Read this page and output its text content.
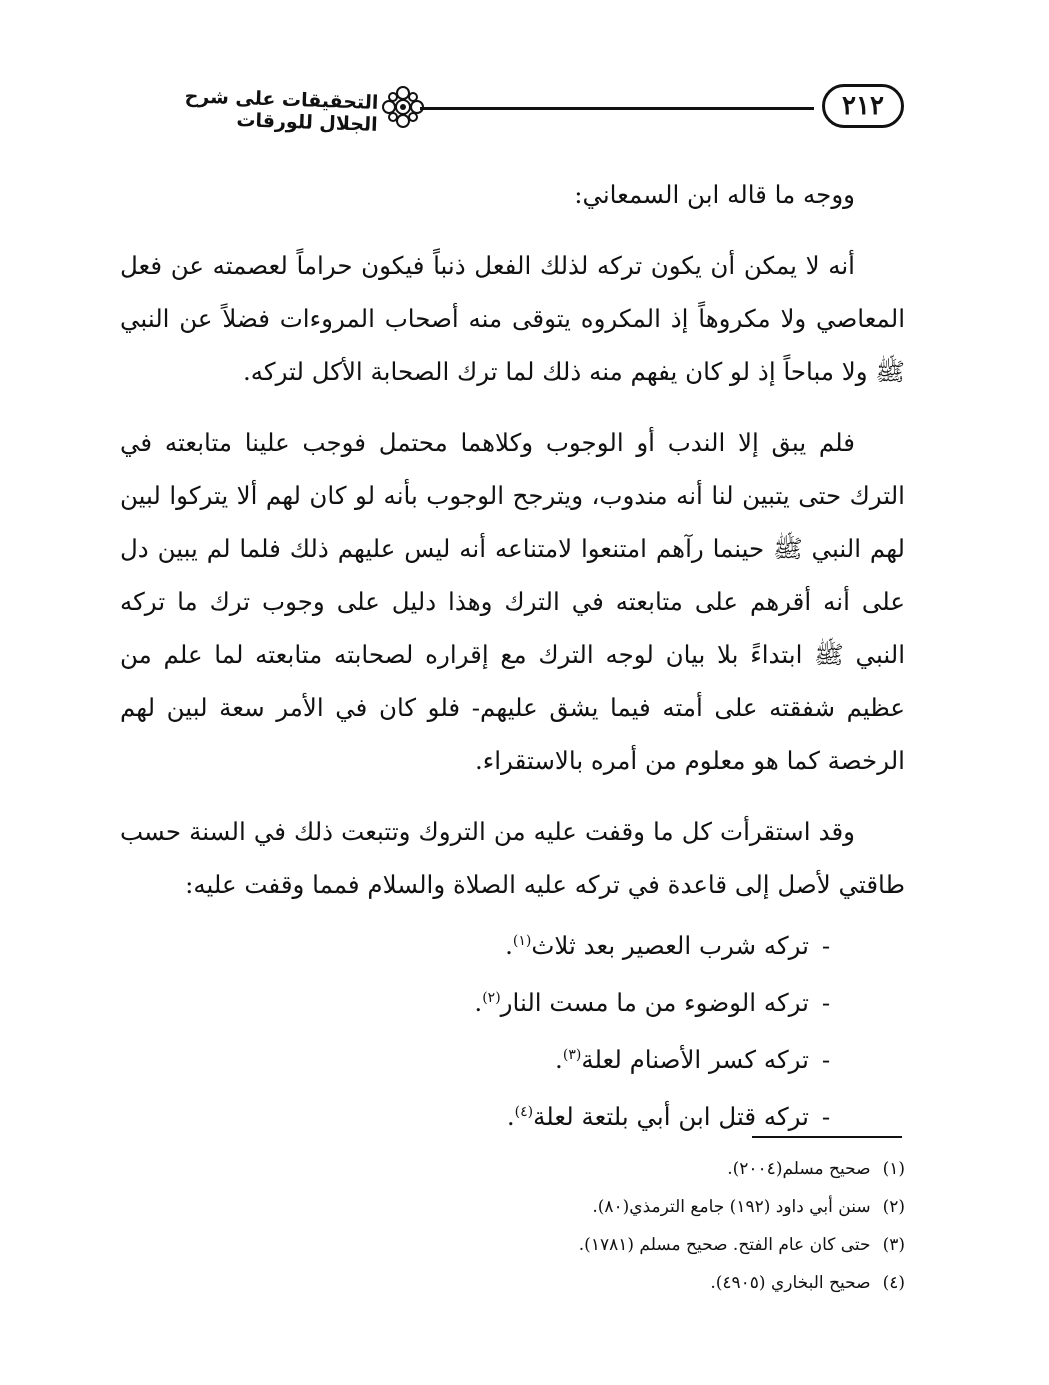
٢١٢
التحقيقات على شرح الجلال للورقات

ووجه ما قاله ابن السمعاني:

أنه لا يمكن أن يكون تركه لذلك الفعل ذنباً فيكون حراماً لعصمته عن فعل المعاصي ولا مكروهاً إذ المكروه يتوقى منه أصحاب المروءات فضلاً عن النبي ﷺ ولا مباحاً إذ لو كان يفهم منه ذلك لما ترك الصحابة الأكل لتركه.

فلم يبق إلا الندب أو الوجوب وكلاهما محتمل فوجب علينا متابعته في الترك حتى يتبين لنا أنه مندوب، ويترجح الوجوب بأنه لو كان لهم ألا يتركوا لبين لهم النبي ﷺ حينما رآهم امتنعوا لامتناعه أنه ليس عليهم ذلك فلما لم يبين دل على أنه أقرهم على متابعته في الترك وهذا دليل على وجوب ترك ما تركه النبي ﷺ ابتداءً بلا بيان لوجه الترك مع إقراره لصحابته متابعته لما علم من عظيم شفقته على أمته فيما يشق عليهم- فلو كان في الأمر سعة لبين لهم الرخصة كما هو معلوم من أمره بالاستقراء.

وقد استقرأت كل ما وقفت عليه من التروك وتتبعت ذلك في السنة حسب طاقتي لأصل إلى قاعدة في تركه عليه الصلاة والسلام فمما وقفت عليه:

-تركه شرب العصير بعد ثلاث$^{(١)}$.
-تركه الوضوء من ما مست النار$^{(٢)}$.
-تركه كسر الأصنام لعلة$^{(٣)}$.
-تركه قتل ابن أبي بلتعة لعلة$^{(٤)}$.
(١)صحيح مسلم(٢٠٠٤).
(٢)سنن أبي داود (١٩٢) جامع الترمذي(٨٠).
(٣)حتى كان عام الفتح. صحيح مسلم (١٧٨١).
(٤)صحيح البخاري (٤٩٠٥).
